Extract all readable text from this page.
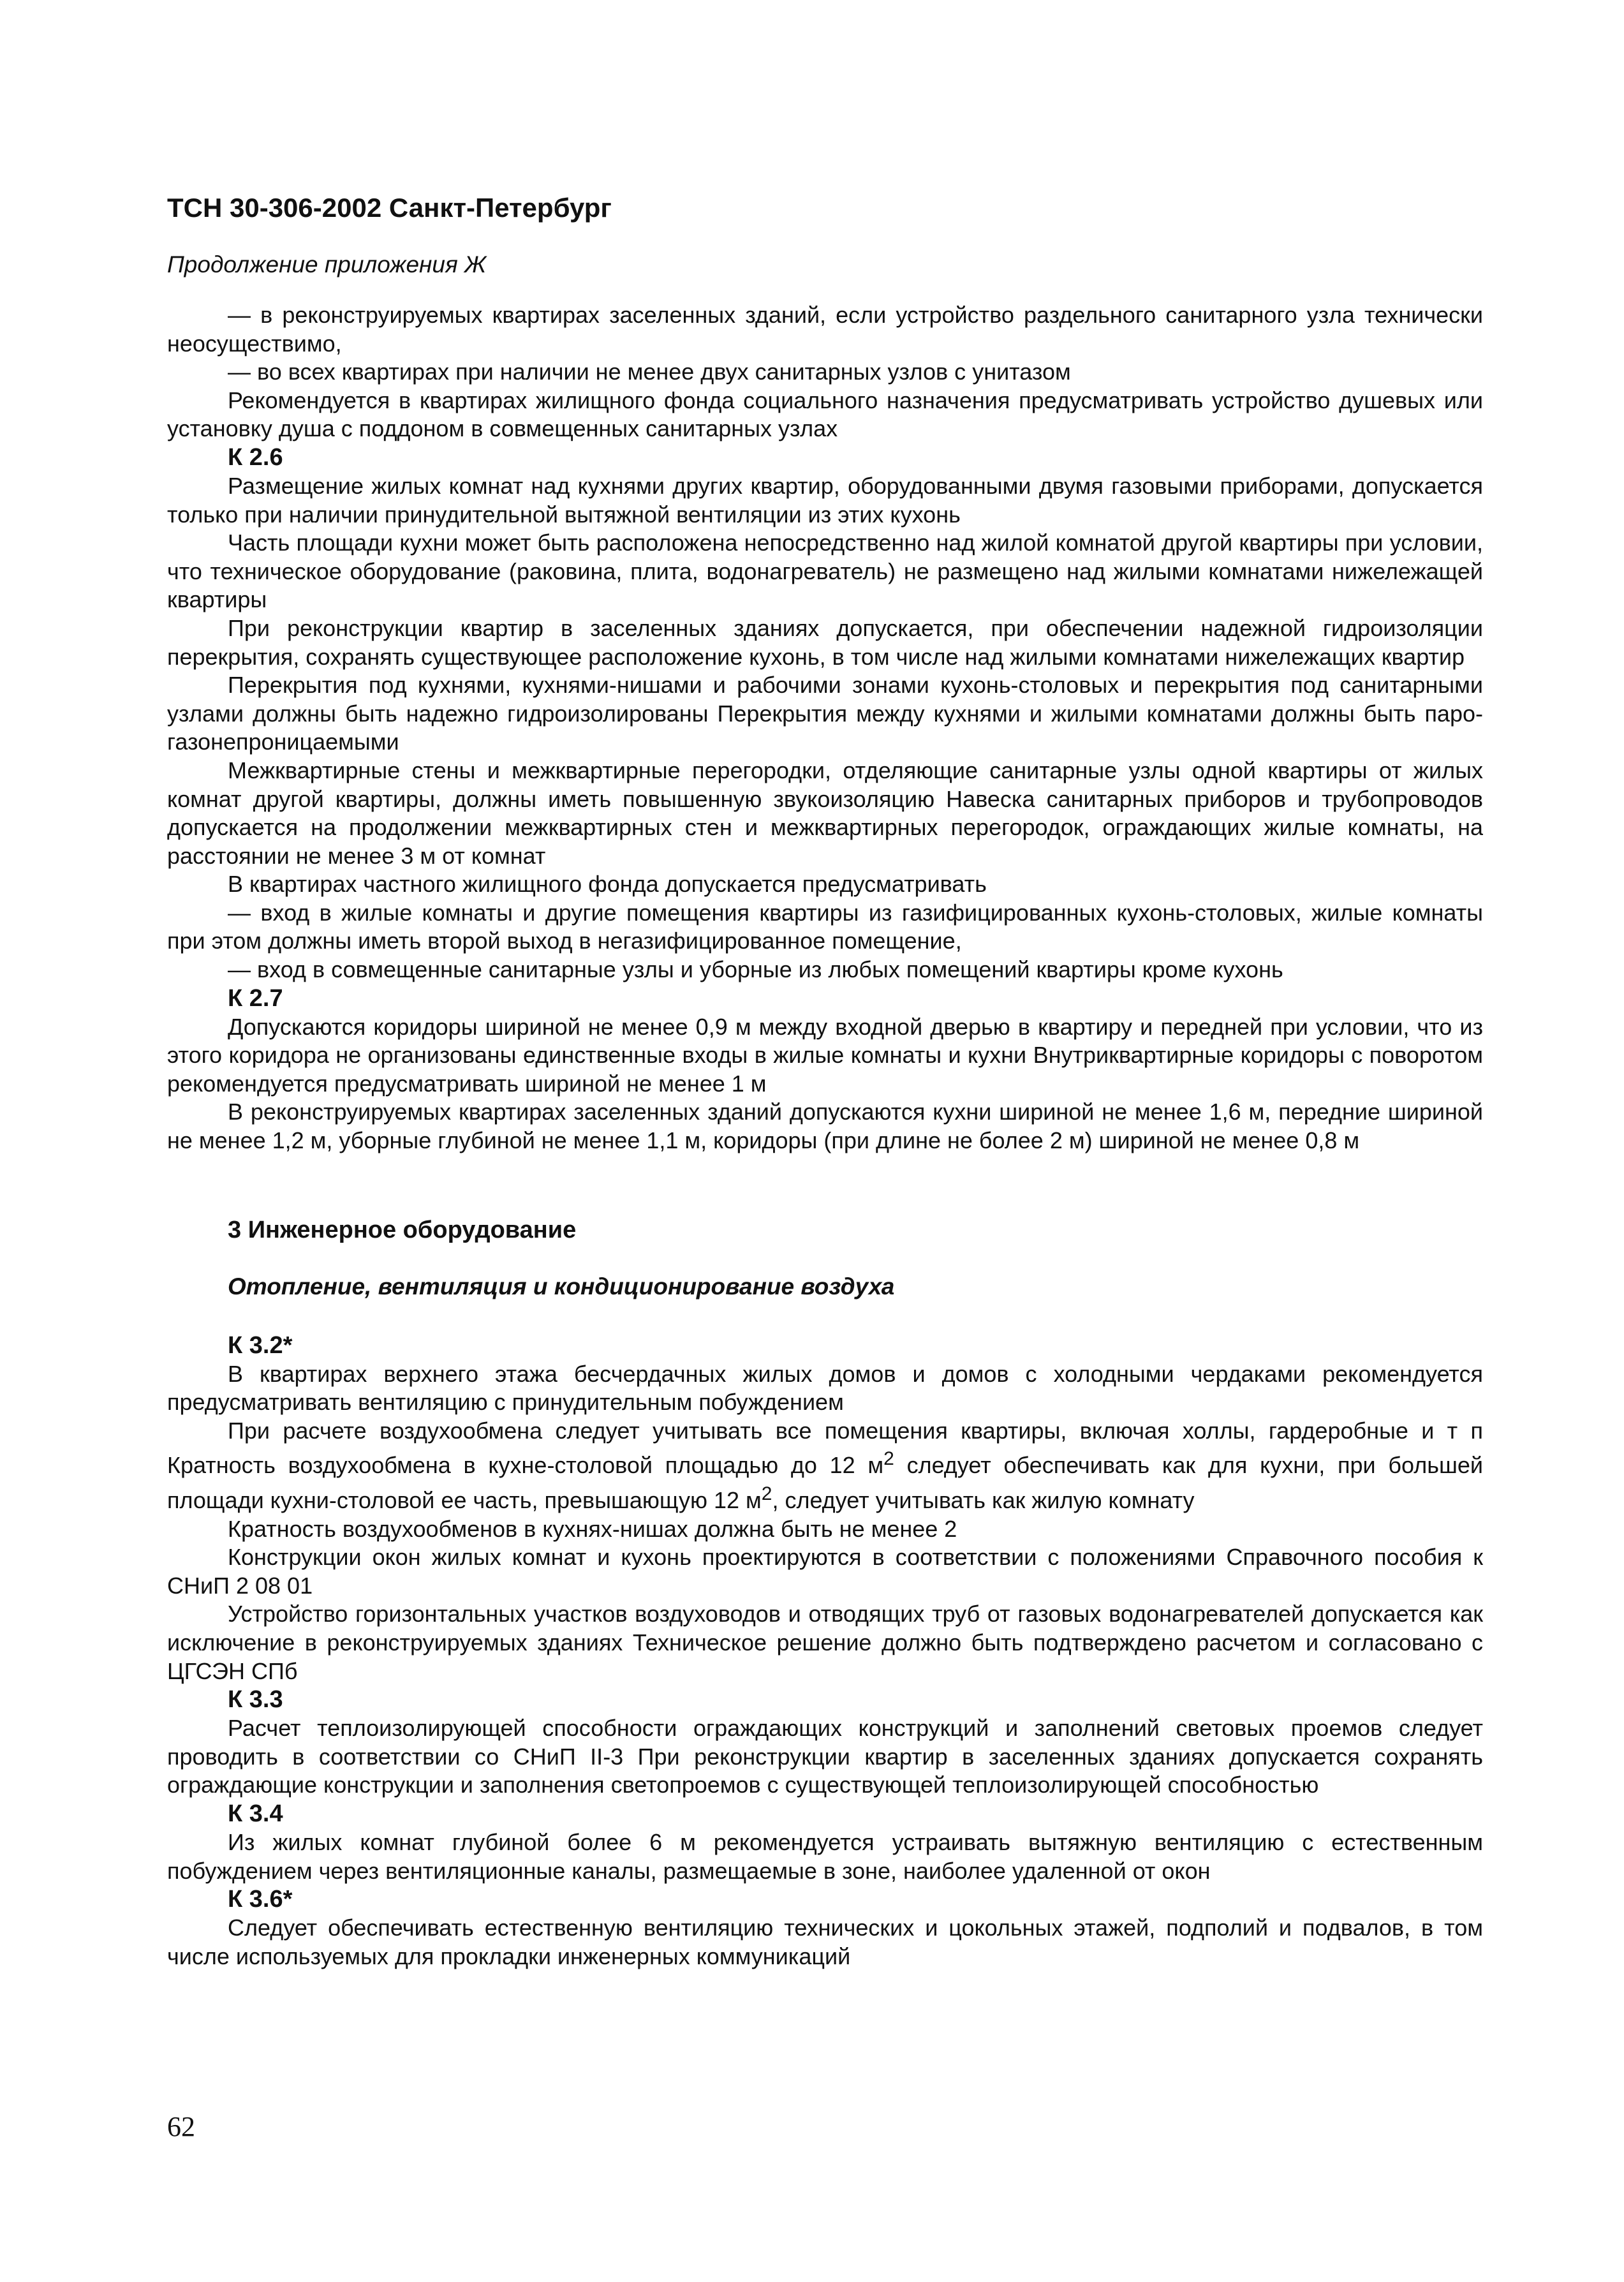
ТСН 30-306-2002 Санкт-Петербург
Продолжение приложения Ж

— в реконструируемых квартирах заселенных зданий, если устройство раздельного санитарного узла технически неосуществимо,

— во всех квартирах при наличии не менее двух санитарных узлов с унитазом

Рекомендуется в квартирах жилищного фонда социального назначения предусматривать устройство душевых или установку душа с поддоном в совмещенных санитарных узлах

К 2.6

Размещение жилых комнат над кухнями других квартир, оборудованными двумя газовыми приборами, допускается только при наличии принудительной вытяжной вентиляции из этих кухонь

Часть площади кухни может быть расположена непосредственно над жилой комнатой другой квартиры при условии, что техническое оборудование (раковина, плита, водонагреватель) не размещено над жилыми комнатами нижележащей квартиры

При реконструкции квартир в заселенных зданиях допускается, при обеспечении надежной гидроизоляции перекрытия, сохранять существующее расположение кухонь, в том числе над жилыми комнатами нижележащих квартир

Перекрытия под кухнями, кухнями-нишами и рабочими зонами кухонь-столовых и перекрытия под санитарными узлами должны быть надежно гидроизолированы Перекрытия между кухнями и жилыми комнатами должны быть паро-газонепроницаемыми

Межквартирные стены и межквартирные перегородки, отделяющие санитарные узлы одной квартиры от жилых комнат другой квартиры, должны иметь повышенную звукоизоляцию Навеска санитарных приборов и трубопроводов допускается на продолжении межквартирных стен и межквартирных перегородок, ограждающих жилые комнаты, на расстоянии не менее 3 м от комнат

В квартирах частного жилищного фонда допускается предусматривать

— вход в жилые комнаты и другие помещения квартиры из газифицированных кухонь-столовых, жилые комнаты при этом должны иметь второй выход в негазифицированное помещение,

— вход в совмещенные санитарные узлы и уборные из любых помещений квартиры кроме кухонь

К 2.7

Допускаются коридоры шириной не менее 0,9 м между входной дверью в квартиру и передней при условии, что из этого коридора не организованы единственные входы в жилые комнаты и кухни Внутриквартирные коридоры с поворотом рекомендуется предусматривать шириной не менее 1 м

В реконструируемых квартирах заселенных зданий допускаются кухни шириной не менее 1,6 м, передние шириной не менее 1,2 м, уборные глубиной не менее 1,1 м, коридоры (при длине не более 2 м) шириной не менее 0,8 м

3 Инженерное оборудование
Отопление, вентиляция и кондиционирование воздуха
К 3.2*

В квартирах верхнего этажа бесчердачных жилых домов и домов с холодными чердаками рекомендуется предусматривать вентиляцию с принудительным побуждением

При расчете воздухообмена следует учитывать все помещения квартиры, включая холлы, гардеробные и т п Кратность воздухообмена в кухне-столовой площадью до 12 $м^2$ следует обеспечивать как для кухни, при большей площади кухни-столовой ее часть, превышающую 12 $м^2$, следует учитывать как жилую комнату

Кратность воздухообменов в кухнях-нишах должна быть не менее 2

Конструкции окон жилых комнат и кухонь проектируются в соответствии с положениями Справочного пособия к СНиП 2 08 01

Устройство горизонтальных участков воздуховодов и отводящих труб от газовых водонагревателей допускается как исключение в реконструируемых зданиях Техническое решение должно быть подтверждено расчетом и согласовано с ЦГСЭН СПб

К 3.3

Расчет теплоизолирующей способности ограждающих конструкций и заполнений световых проемов следует проводить в соответствии со СНиП II-3 При реконструкции квартир в заселенных зданиях допускается сохранять ограждающие конструкции и заполнения светопроемов с существующей теплоизолирующей способностью

К 3.4

Из жилых комнат глубиной более 6 м рекомендуется устраивать вытяжную вентиляцию с естественным побуждением через вентиляционные каналы, размещаемые в зоне, наиболее удаленной от окон

К 3.6*

Следует обеспечивать естественную вентиляцию технических и цокольных этажей, подполий и подвалов, в том числе используемых для прокладки инженерных коммуникаций

62
